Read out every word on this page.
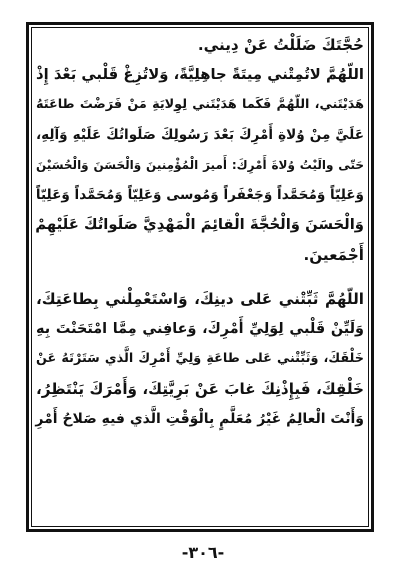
حُجَّتَكَ ضَلَلْتُ عَنْ دِيني.
اللّهُمَّ لاتُمِتْني مِيتَةً جاهِلِيَّةً، وَلاتُزِغْ قَلْبي بَعْدَ إِذْ
هَدَيْتَني، اللّهُمَّ فَكَما هَدَيْتَني لِوِلايَةِ مَنْ فَرَضْتَ طاعَتَهُ
عَلَيَّ مِنْ وُلاةِ أَمْرِكَ بَعْدَ رَسُولِكَ صَلَواتُكَ عَلَيْهِ وَآلِهِ،
حَتّى والَيْتُ وُلاةَ أَمْرِكَ: أَميرَ الْمُؤْمِنينَ وَالْحَسَنَ وَالْحُسَيْنَ
وَعَلِيّاً وَمُحَمَّداً وَجَعْفَراً وَمُوسى وَعَلِيّاً وَمُحَمَّداً وَعَلِيّاً
وَالْحَسَنَ وَالْحُجَّةَ الْقائِمَ الْمَهْدِيَّ صَلَواتُكَ عَلَيْهِمْ
أَجْمَعينَ.
اللّهُمَّ ثَبِّتْني عَلى دينِكَ، وَاسْتَعْمِلْني بِطاعَتِكَ،
وَلَيِّنْ قَلْبي لِوَلِيِّ أَمْرِكَ، وَعافِني مِمَّا امْتَحَنْتَ بِهِ
خَلْقَكَ، وَثَبِّتْني عَلى طاعَةِ وَلِيِّ أَمْرِكَ الَّذي سَتَرْتَهُ عَنْ
خَلْقِكَ، فَبِإِذْنِكَ غابَ عَنْ بَرِيَّتِكَ، وَأَمْرَكَ يَنْتَظِرُ،
وَأَنْتَ الْعالِمُ غَيْرُ مُعَلَّمٍ بِالْوَقْتِ الَّذي فيهِ صَلاحُ أَمْرِ
-٣٠٦-
